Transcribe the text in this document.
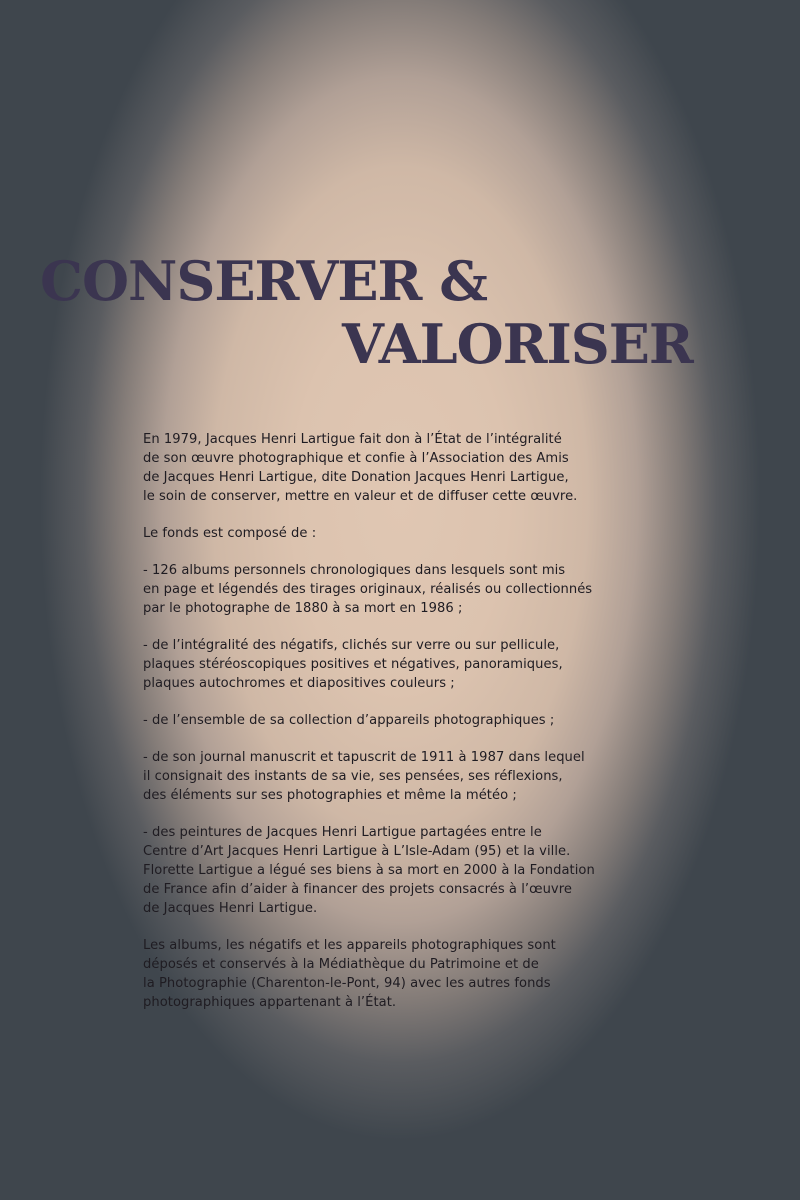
CONSERVER &
VALORISER

En 1979, Jacques Henri Lartigue fait don à l’État de l’intégralité
de son œuvre photographique et confie à l’Association des Amis
de Jacques Henri Lartigue, dite Donation Jacques Henri Lartigue,
le soin de conserver, mettre en valeur et de diffuser cette œuvre.

Le fonds est composé de :

- 126 albums personnels chronologiques dans lesquels sont mis
en page et légendés des tirages originaux, réalisés ou collectionnés
par le photographe de 1880 à sa mort en 1986 ;

- de l’intégralité des négatifs, clichés sur verre ou sur pellicule,
plaques stéréoscopiques positives et négatives, panoramiques,
plaques autochromes et diapositives couleurs ;

- de l’ensemble de sa collection d’appareils photographiques ;

- de son journal manuscrit et tapuscrit de 1911 à 1987 dans lequel
il consignait des instants de sa vie, ses pensées, ses réflexions,
des éléments sur ses photographies et même la météo ;

- des peintures de Jacques Henri Lartigue partagées entre le
Centre d’Art Jacques Henri Lartigue à L’Isle-Adam (95) et la ville.
Florette Lartigue a légué ses biens à sa mort en 2000 à la Fondation
de France afin d’aider à financer des projets consacrés à l’œuvre
de Jacques Henri Lartigue.

Les albums, les négatifs et les appareils photographiques sont
déposés et conservés à la Médiathèque du Patrimoine et de
la Photographie (Charenton-le-Pont, 94) avec les autres fonds
photographiques appartenant à l’État.
